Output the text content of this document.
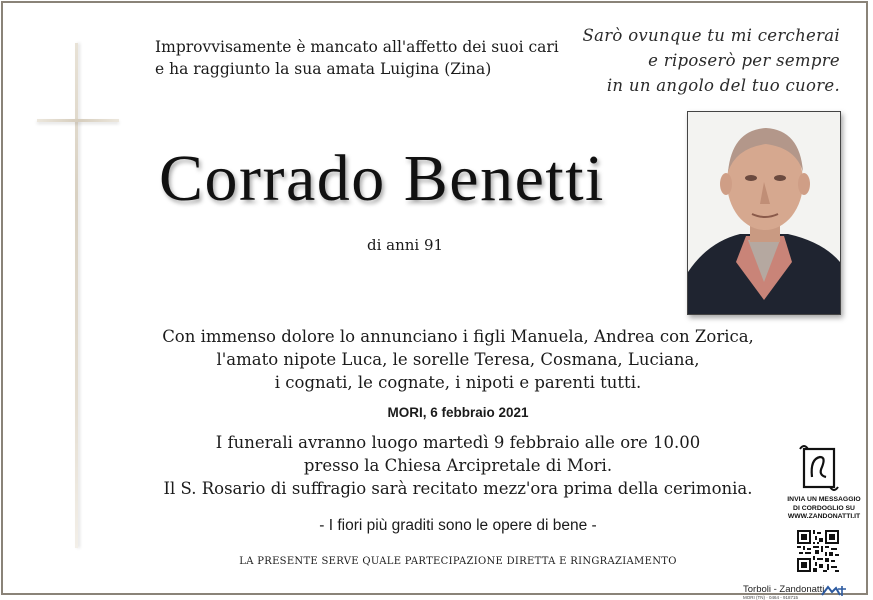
Improvvisamente è mancato all'affetto dei suoi cari
e ha raggiunto la sua amata Luigina (Zina)
Sarò ovunque tu mi cercherai
e riposerò per sempre
in un angolo del tuo cuore.
Corrado Benetti
di anni 91
Con immenso dolore lo annunciano i figli Manuela, Andrea con Zorica,
l'amato nipote Luca, le sorelle Teresa, Cosmana, Luciana,
i cognati, le cognate, i nipoti e parenti tutti.
MORI, 6 febbraio 2021
I funerali avranno luogo martedì 9 febbraio alle ore 10.00
presso la Chiesa Arcipretale di Mori.
Il S. Rosario di suffragio sarà recitato mezz'ora prima della cerimonia.
- I fiori più graditi sono le opere di bene -
LA PRESENTE SERVE QUALE PARTECIPAZIONE DIRETTA E RINGRAZIAMENTO
INVIA UN MESSAGGIO
DI CORDOGLIO SU
WWW.ZANDONATTI.IT
Torboli - Zandonatti
MORI (TN) · 0464 - 918715
